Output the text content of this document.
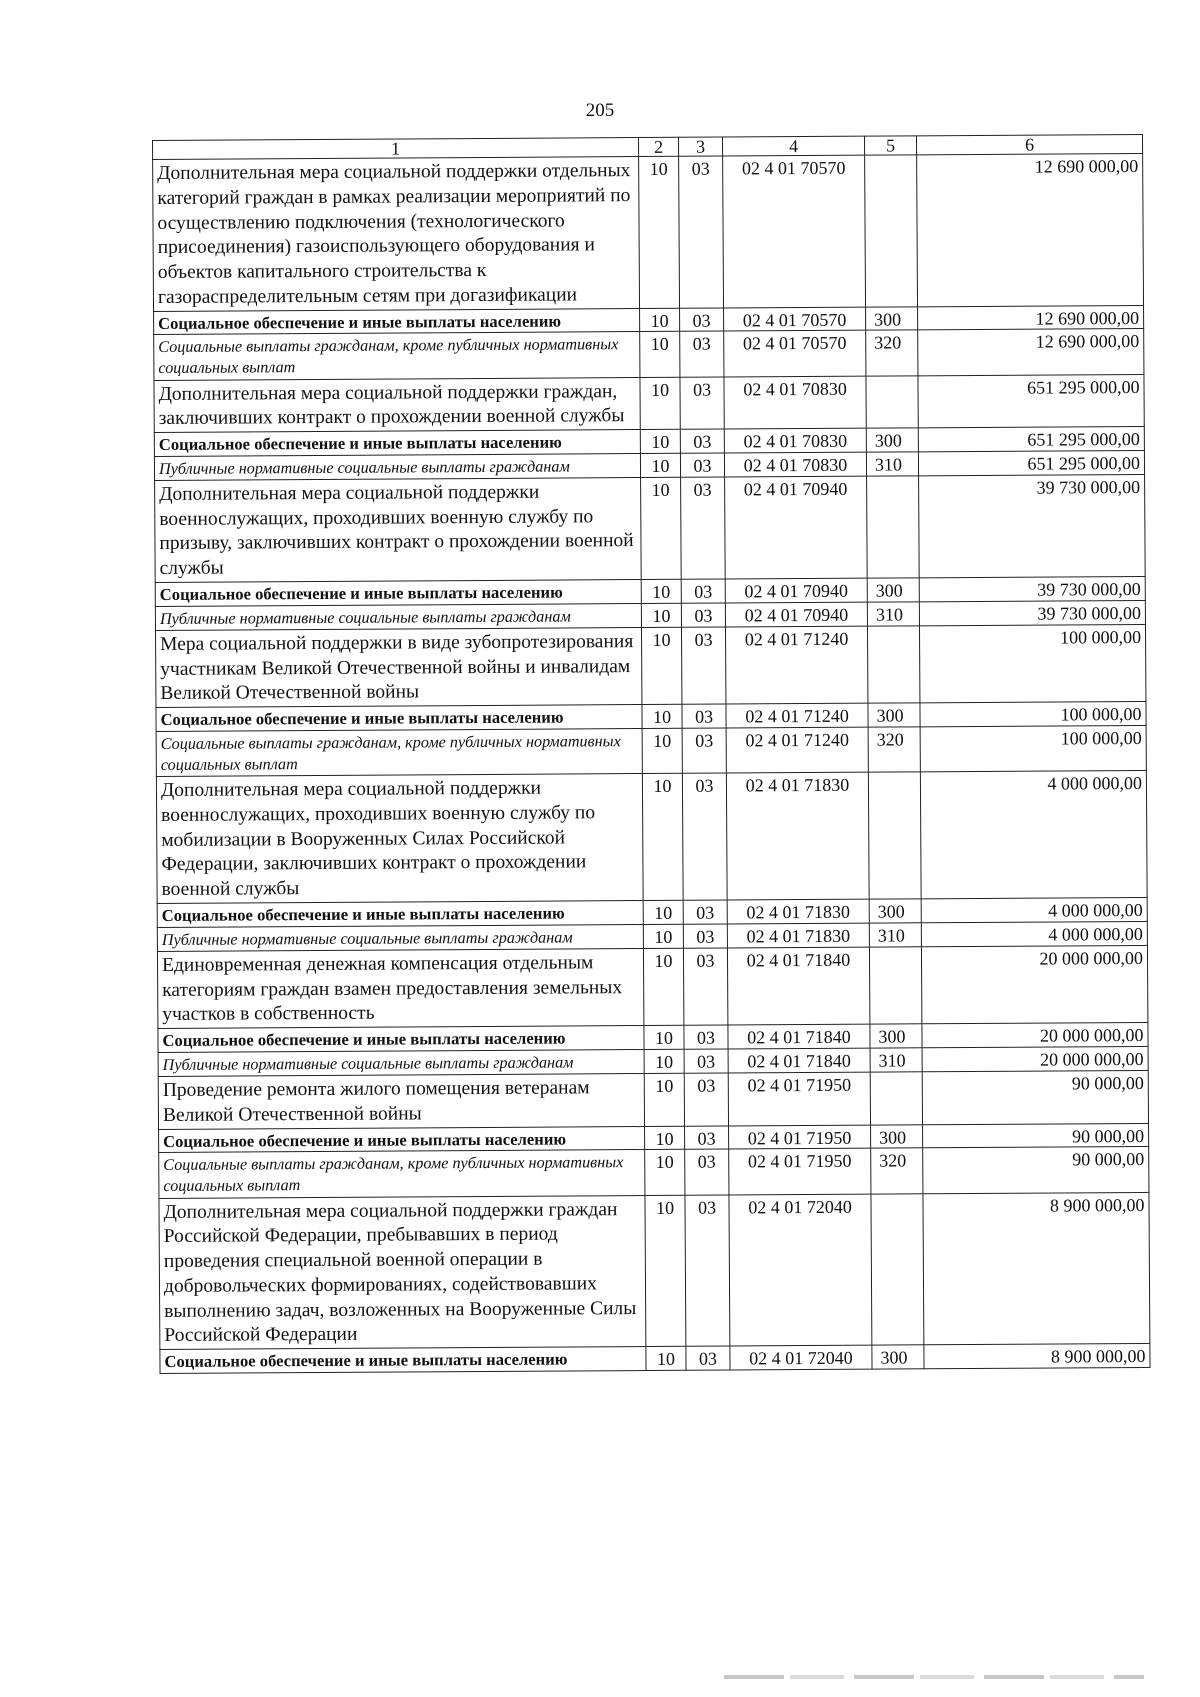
205
1	2	3	4	5	6
Дополнительная мера социальной поддержки отдельных категорий граждан в рамках реализации мероприятий по осуществлению подключения (технологического присоединения) газоиспользующего оборудования и объектов капитального строительства к газораспределительным сетям при догазификации	10	03	02 4 01 70570		12 690 000,00
Социальное обеспечение и иные выплаты населению	10	03	02 4 01 70570	300	12 690 000,00
Социальные выплаты гражданам, кроме публичных нормативных социальных выплат	10	03	02 4 01 70570	320	12 690 000,00
Дополнительная мера социальной поддержки граждан, заключивших контракт о прохождении военной службы	10	03	02 4 01 70830		651 295 000,00
Социальное обеспечение и иные выплаты населению	10	03	02 4 01 70830	300	651 295 000,00
Публичные нормативные социальные выплаты гражданам	10	03	02 4 01 70830	310	651 295 000,00
Дополнительная мера социальной поддержки военнослужащих, проходивших военную службу по призыву, заключивших контракт о прохождении военной службы	10	03	02 4 01 70940		39 730 000,00
Социальное обеспечение и иные выплаты населению	10	03	02 4 01 70940	300	39 730 000,00
Публичные нормативные социальные выплаты гражданам	10	03	02 4 01 70940	310	39 730 000,00
Мера социальной поддержки в виде зубопротезирования участникам Великой Отечественной войны и инвалидам Великой Отечественной войны	10	03	02 4 01 71240		100 000,00
Социальное обеспечение и иные выплаты населению	10	03	02 4 01 71240	300	100 000,00
Социальные выплаты гражданам, кроме публичных нормативных социальных выплат	10	03	02 4 01 71240	320	100 000,00
Дополнительная мера социальной поддержки военнослужащих, проходивших военную службу по мобилизации в Вооруженных Силах Российской Федерации, заключивших контракт о прохождении военной службы	10	03	02 4 01 71830		4 000 000,00
Социальное обеспечение и иные выплаты населению	10	03	02 4 01 71830	300	4 000 000,00
Публичные нормативные социальные выплаты гражданам	10	03	02 4 01 71830	310	4 000 000,00
Единовременная денежная компенсация отдельным категориям граждан взамен предоставления земельных участков в собственность	10	03	02 4 01 71840		20 000 000,00
Социальное обеспечение и иные выплаты населению	10	03	02 4 01 71840	300	20 000 000,00
Публичные нормативные социальные выплаты гражданам	10	03	02 4 01 71840	310	20 000 000,00
Проведение ремонта жилого помещения ветеранам Великой Отечественной войны	10	03	02 4 01 71950		90 000,00
Социальное обеспечение и иные выплаты населению	10	03	02 4 01 71950	300	90 000,00
Социальные выплаты гражданам, кроме публичных нормативных социальных выплат	10	03	02 4 01 71950	320	90 000,00
Дополнительная мера социальной поддержки граждан Российской Федерации, пребывавших в период проведения специальной военной операции в добровольческих формированиях, содействовавших выполнению задач, возложенных на Вооруженные Силы Российской Федерации	10	03	02 4 01 72040		8 900 000,00
Социальное обеспечение и иные выплаты населению	10	03	02 4 01 72040	300	8 900 000,00
